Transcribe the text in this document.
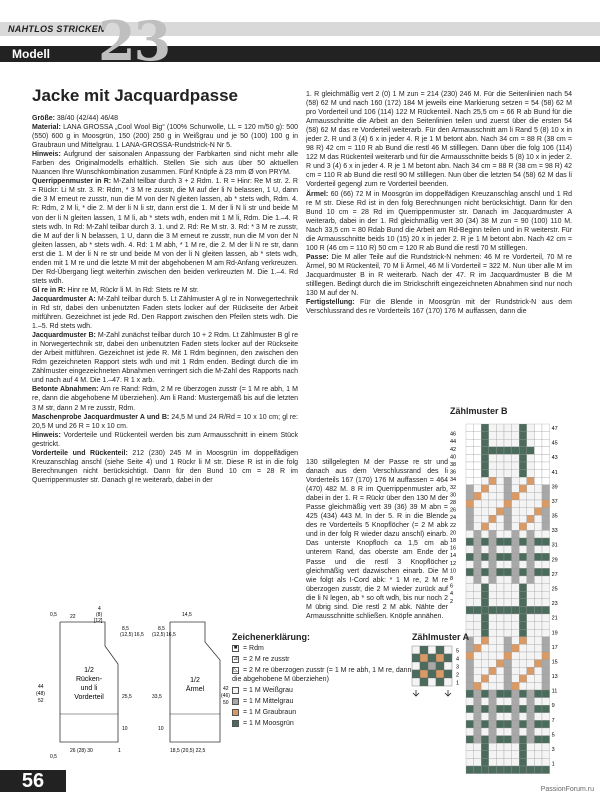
NAHTLOS STRICKEN
Modell 23
Jacke mit Jacquardpasse

Größe: 38/40 (42/44) 46/48

Material: LANA GROSSA „Cool Wool Big“ (100% Schurwolle, LL = 120 m/50 g): 500 (550) 600 g in Moosgrün, 150 (200) 250 g in Weißgrau und je 50 (100) 100 g in Graubraun und Mittelgrau. 1 LANA-GROSSA-Rundstrick-N Nr 5.

Hinweis: Aufgrund der saisonalen Anpassung der Farbkarten sind nicht mehr alle Farben des Originalmodells erhältlich. Stellen Sie sich aus über 50 aktuellen Nuancen Ihre Wunschkombination zusammen. Fünf Knöpfe à 23 mm Ø von PRYM.

Querrippenmuster in R: M-Zahl teilbar durch 3 + 2 Rdm. 1. R = Hinr: Re M str. 2. R = Rückr: Li M str. 3. R: Rdm, * 3 M re zusstr, die M auf der li N belassen, 1 U, dann die 3 M erneut re zusstr, nun die M von der N gleiten lassen, ab * stets wdh, Rdm. 4. R: Rdm, 2 M li, * die 2. M der li N li str, dann erst die 1. M der li N li str und beide M von der li N gleiten lassen, 1 M li, ab * stets wdh, enden mit 1 M li, Rdm. Die 1.–4. R stets wdh. In Rd: M-Zahl teilbar durch 3. 1. und 2. Rd: Re M str. 3. Rd: * 3 M re zusstr, die M auf der li N belassen, 1 U, dann die 3 M erneut re zusstr, nun die M von der N gleiten lassen, ab * stets wdh. 4. Rd: 1 M abh, * 1 M re, die 2. M der li N re str, dann erst die 1. M der li N re str und beide M von der li N gleiten lassen, ab * stets wdh, enden mit 1 M re und die letzte M mit der abgehobenen M am Rd-Anfang verkreuzen. Der Rd-Übergang liegt weiterhin zwischen den beiden verkreuzten M. Die 1.–4. Rd stets wdh.

Gl re in R: Hinr re M, Rückr li M. In Rd: Stets re M str.

Jacquardmuster A: M-Zahl teilbar durch 5. Lt Zählmuster A gl re in Norwegertechnik in Rd str, dabei den unbenutzten Faden stets locker auf der Rückseite der Arbeit mitführen. Gezeichnet ist jede Rd. Den Rapport zwischen den Pfeilen stets wdh. Die 1.–5. Rd stets wdh.

Jacquardmuster B: M-Zahl zunächst teilbar durch 10 + 2 Rdm. Lt Zählmuster B gl re in Norwegertechnik str, dabei den unbenutzten Faden stets locker auf der Rückseite der Arbeit mitführen. Gezeichnet ist jede R. Mit 1 Rdm beginnen, den zwischen den Rdm gezeichneten Rapport stets wdh und mit 1 Rdm enden. Bedingt durch die im Zählmuster eingezeichneten Abnahmen verringert sich die M-Zahl des Rapports nach und nach auf 4 M. Die 1.–47. R 1 x arb.

Betonte Abnahmen: Am re Rand: Rdm, 2 M re überzogen zusstr (= 1 M re abh, 1 M re, dann die abgehobene M überziehen). Am li Rand: Mustergemäß bis auf die letzten 3 M str, dann 2 M re zusstr, Rdm.

Maschenprobe Jacquardmuster A und B: 24,5 M und 24 R/Rd = 10 x 10 cm; gl re: 20,5 M und 26 R = 10 x 10 cm.

Hinweis: Vorderteile und Rückenteil werden bis zum Armausschnitt in einem Stück gestrickt.

Vorderteile und Rückenteil: 212 (230) 245 M in Moosgrün im doppelfädigen Kreuzanschlag anschl (siehe Seite 4) und 1 Rückr li M str. Diese R ist in die folg Berechnungen nicht berücksichtigt. Dann für den Bund 10 cm = 28 R im Querrippenmuster str. Danach gl re weiterarb, dabei in der

1. R gleichmäßig vert 2 (0) 1 M zun = 214 (230) 246 M. Für die Seitenlinien nach 54 (58) 62 M und nach 160 (172) 184 M jeweils eine Markierung setzen = 54 (58) 62 M pro Vorderteil und 106 (114) 122 M Rückenteil. Nach 25,5 cm = 66 R ab Bund für die Armausschnitte die Arbeit an den Seitenlinien teilen und zuerst über die ersten 54 (58) 62 M das re Vorderteil weiterarb. Für den Armausschnitt am li Rand 5 (8) 10 x in jeder 2. R und 3 (4) 6 x in jeder 4. R je 1 M betont abn. Nach 34 cm = 88 R (38 cm = 98 R) 42 cm = 110 R ab Bund die restl 46 M stilllegen. Dann über die folg 106 (114) 122 M das Rückenteil weiterarb und für die Armausschnitte beids 5 (8) 10 x in jeder 2. R und 3 (4) 6 x in jeder 4. R je 1 M betont abn. Nach 34 cm = 88 R (38 cm = 98 R) 42 cm = 110 R ab Bund die restl 90 M stilllegen. Nun über die letzten 54 (58) 62 M das li Vorderteil gegengl zum re Vorderteil beenden.

Ärmel: 60 (66) 72 M in Moosgrün im doppelfädigen Kreuzanschlag anschl und 1 Rd re M str. Diese Rd ist in den folg Berechnungen nicht berücksichtigt. Dann für den Bund 10 cm = 28 Rd im Querrippenmuster str. Danach im Jacquardmuster A weiterarb, dabei in der 1. Rd gleichmäßig vert 30 (34) 38 M zun = 90 (100) 110 M. Nach 33,5 cm = 80 Rdab Bund die Arbeit am Rd-Beginn teilen und in R weiterstr. Für die Armausschnitte beids 10 (15) 20 x in jeder 2. R je 1 M betont abn. Nach 42 cm = 100 R (46 cm = 110 R) 50 cm = 120 R ab Bund die restl 70 M stilllegen.

Passe: Die M aller Teile auf die Rundstrick-N nehmen: 46 M re Vorderteil, 70 M re Ärmel, 90 M Rückenteil, 70 M li Ärmel, 46 M li Vorderteil = 322 M. Nun über alle M im Jacquardmuster B in R weiterarb. Nach der 47. R im Jacquardmuster B die M stilllegen. Bedingt durch die im Strickschrift eingezeichneten Abnahmen sind nur noch 130 M auf der N.

Fertigstellung: Für die Blende in Moosgrün mit der Rundstrick-N aus dem Verschlussrand des re Vorderteils 167 (170) 176 M auffassen, dann die

130 stillgelegten M der Passe re str und danach aus dem Verschlussrand des li Vorderteils 167 (170) 176 M auffassen = 464 (470) 482 M. 8 R im Querrippenmuster arb, dabei in der 1. R = Rückr über den 130 M der Passe gleichmäßig vert 39 (36) 39 M abn = 425 (434) 443 M. In der 5. R in die Blende des re Vorderteils 5 Knopflöcher (= 2 M abk und in der folg R wieder dazu anschl) einarb. Das unterste Knopfloch ca 1,5 cm ab unterem Rand, das oberste am Ende der Passe und die restl 3 Knopflöcher gleichmäßig vert dazwischen einarb. Die M wie folgt als I-Cord abk: * 1 M re, 2 M re überzogen zusstr, die 2 M wieder zurück auf die li N legen, ab * so oft wdh, bis nur noch 2 M übrig sind. Die restl 2 M abk. Nähte der Armausschnitte schließen. Knöpfe annähen.

Zählmuster B
46
44
42
40
38
36
34
32
30
28
26
24
22
20
18
16
14
12
10
8
6
4
2
47
45
43
41
39
37
35
33
31
29
27
25
23
21
19
17
15
13
11
9
7
5
3
1
1/2
Rücken-
und li
Vorderteil
1/2
Ärmel
0,5	22
4
(8)
[12]
8,5
(12,5) 16,5
44
(48)
52
25,5
10
26 (28) 30	1
0,5
8,5
(12,5) 16,5
14,5
33,5
10
42
(46)
50
18,5 (20,5) 22,5
Zeichenerklärung:
■ = Rdm
⊿ = 2 M re zusstr
◺ = 2 M re überzogen zusstr (= 1 M re abh, 1 M re, dann die abgehobene M überziehen)
= 1 M Weißgrau
= 1 M Mittelgrau
= 1 M Graubraun
= 1 M Moosgrün
Zählmuster A
5
4
3
2
1
56	PassionForum.ru
